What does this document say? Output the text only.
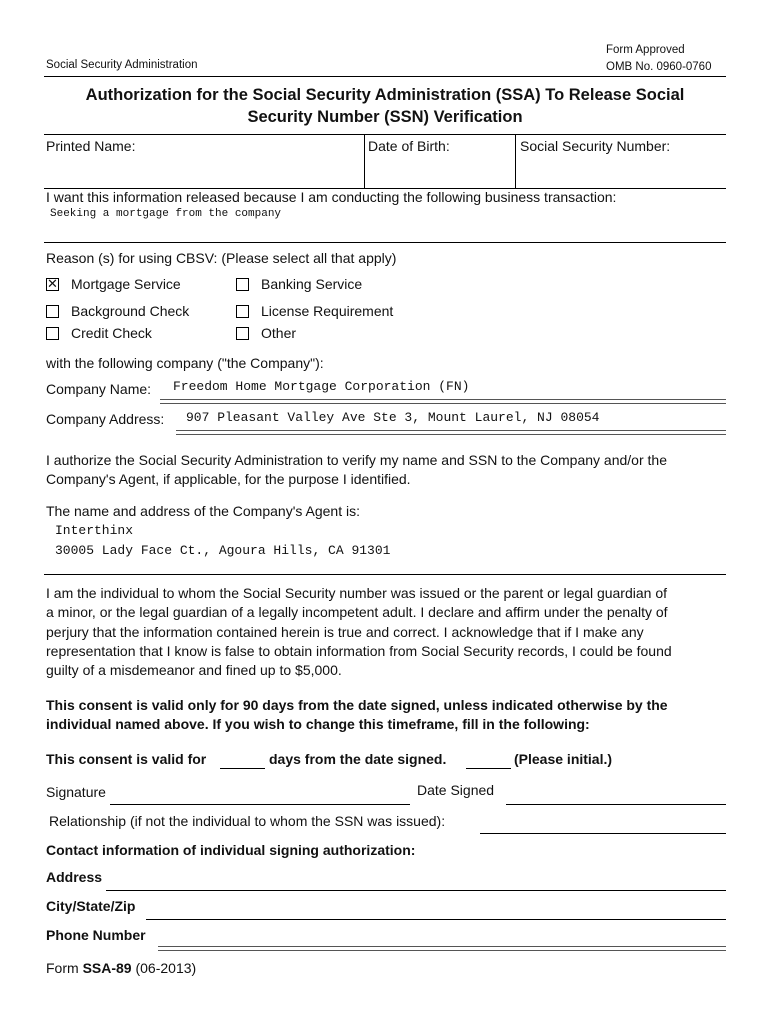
Social Security Administration
Form Approved
OMB No. 0960-0760
Authorization for the Social Security Administration (SSA) To Release Social
Security Number (SSN) Verification
Printed Name:	Date of Birth:	Social Security Number:
I want this information released because I am conducting the following business transaction:
Seeking a mortgage from the company
Reason (s) for using CBSV: (Please select all that apply)
✕ Mortgage Service	Banking Service
Background Check	License Requirement
Credit Check	Other
with the following company ("the Company"):
Company Name: Freedom Home Mortgage Corporation (FN)
Company Address: 907 Pleasant Valley Ave Ste 3, Mount Laurel, NJ 08054
I authorize the Social Security Administration to verify my name and SSN to the Company and/or the
Company's Agent, if applicable, for the purpose I identified.
The name and address of the Company's Agent is:
Interthinx
30005 Lady Face Ct., Agoura Hills, CA 91301
I am the individual to whom the Social Security number was issued or the parent or legal guardian of
a minor, or the legal guardian of a legally incompetent adult. I declare and affirm under the penalty of
perjury that the information contained herein is true and correct. I acknowledge that if I make any
representation that I know is false to obtain information from Social Security records, I could be found
guilty of a misdemeanor and fined up to $5,000.
This consent is valid only for 90 days from the date signed, unless indicated otherwise by the
individual named above. If you wish to change this timeframe, fill in the following:
This consent is valid for	days from the date signed.	(Please initial.)
Signature	Date Signed
Relationship (if not the individual to whom the SSN was issued):
Contact information of individual signing authorization:
Address
City/State/Zip
Phone Number
Form SSA-89 (06-2013)
